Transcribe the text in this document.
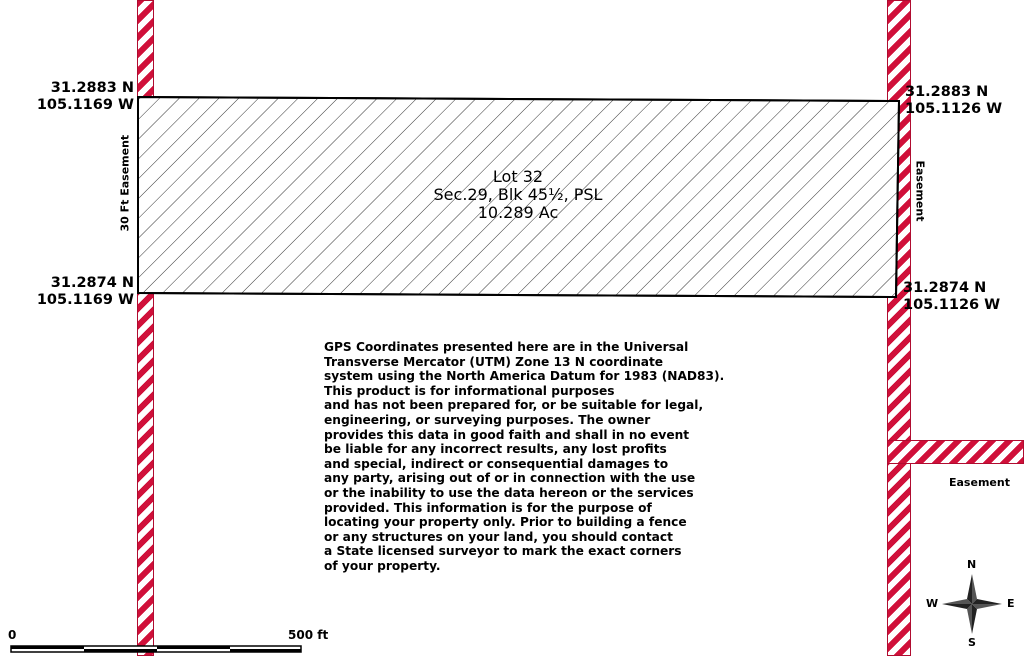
Lot 32
Sec.29, Blk 45½, PSL
10.289 Ac
31.2883 N
105.1169 W
31.2883 N
105.1126 W
31.2874 N
105.1169 W
31.2874 N
105.1126 W
30 Ft Easement	Easement
Easement
GPS Coordinates presented here are in the Universal
Transverse Mercator (UTM) Zone 13 N coordinate
system using the North America Datum for 1983 (NAD83).
This product is for informational purposes
and has not been prepared for, or be suitable for legal,
engineering, or surveying purposes. The owner
provides this data in good faith and shall in no event
be liable for any incorrect results, any lost profits
and special, indirect or consequential damages to
any party, arising out of or in connection with the use
or the inability to use the data hereon or the services
provided. This information is for the purpose of
locating your property only. Prior to building a fence
or any structures on your land, you should contact
a State licensed surveyor to mark the exact corners
of your property.
0	500 ft
N
S
W	E
